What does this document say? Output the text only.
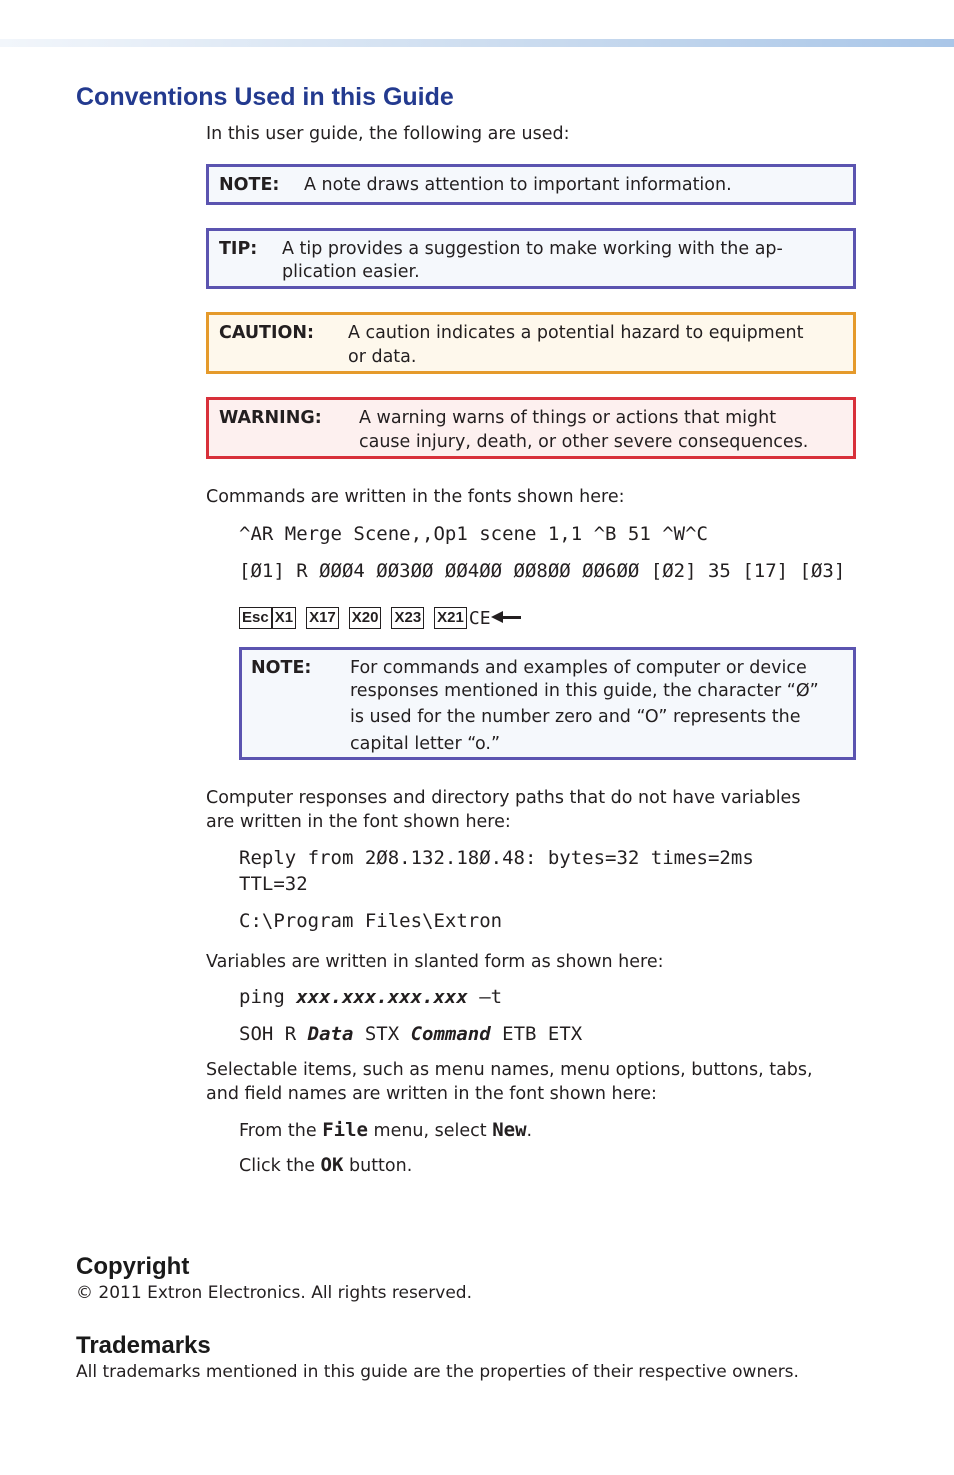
Conventions Used in this Guide
In this user guide, the following are used:
NOTE: A note draws attention to important information.
TIP: A tip provides a suggestion to make working with the ap-
plication easier.
CAUTION: A caution indicates a potential hazard to equipment
or data.
WARNING: A warning warns of things or actions that might
cause injury, death, or other severe consequences.
Commands are written in the fonts shown here:
^AR Merge Scene,,Op1 scene 1,1 ^B 51 ^W^C
[Ø1] R ØØØ4 ØØ3ØØ ØØ4ØØ ØØ8ØØ ØØ6ØØ [Ø2] 35 [17] [Ø3]
Esc X1 X17 X20 X23 X21 CE
NOTE: For commands and examples of computer or device
responses mentioned in this guide, the character “Ø”
is used for the number zero and “O” represents the
capital letter “o.”
Computer responses and directory paths that do not have variables
are written in the font shown here:
Reply from 2Ø8.132.18Ø.48: bytes=32 times=2ms
TTL=32
C:\Program Files\Extron
Variables are written in slanted form as shown here:
ping xxx.xxx.xxx.xxx —t
SOH R Data STX Command ETB ETX
Selectable items, such as menu names, menu options, buttons, tabs,
and field names are written in the font shown here:
From the File menu, select New.
Click the OK button.
Copyright
© 2011 Extron Electronics. All rights reserved.
Trademarks
All trademarks mentioned in this guide are the properties of their respective owners.
